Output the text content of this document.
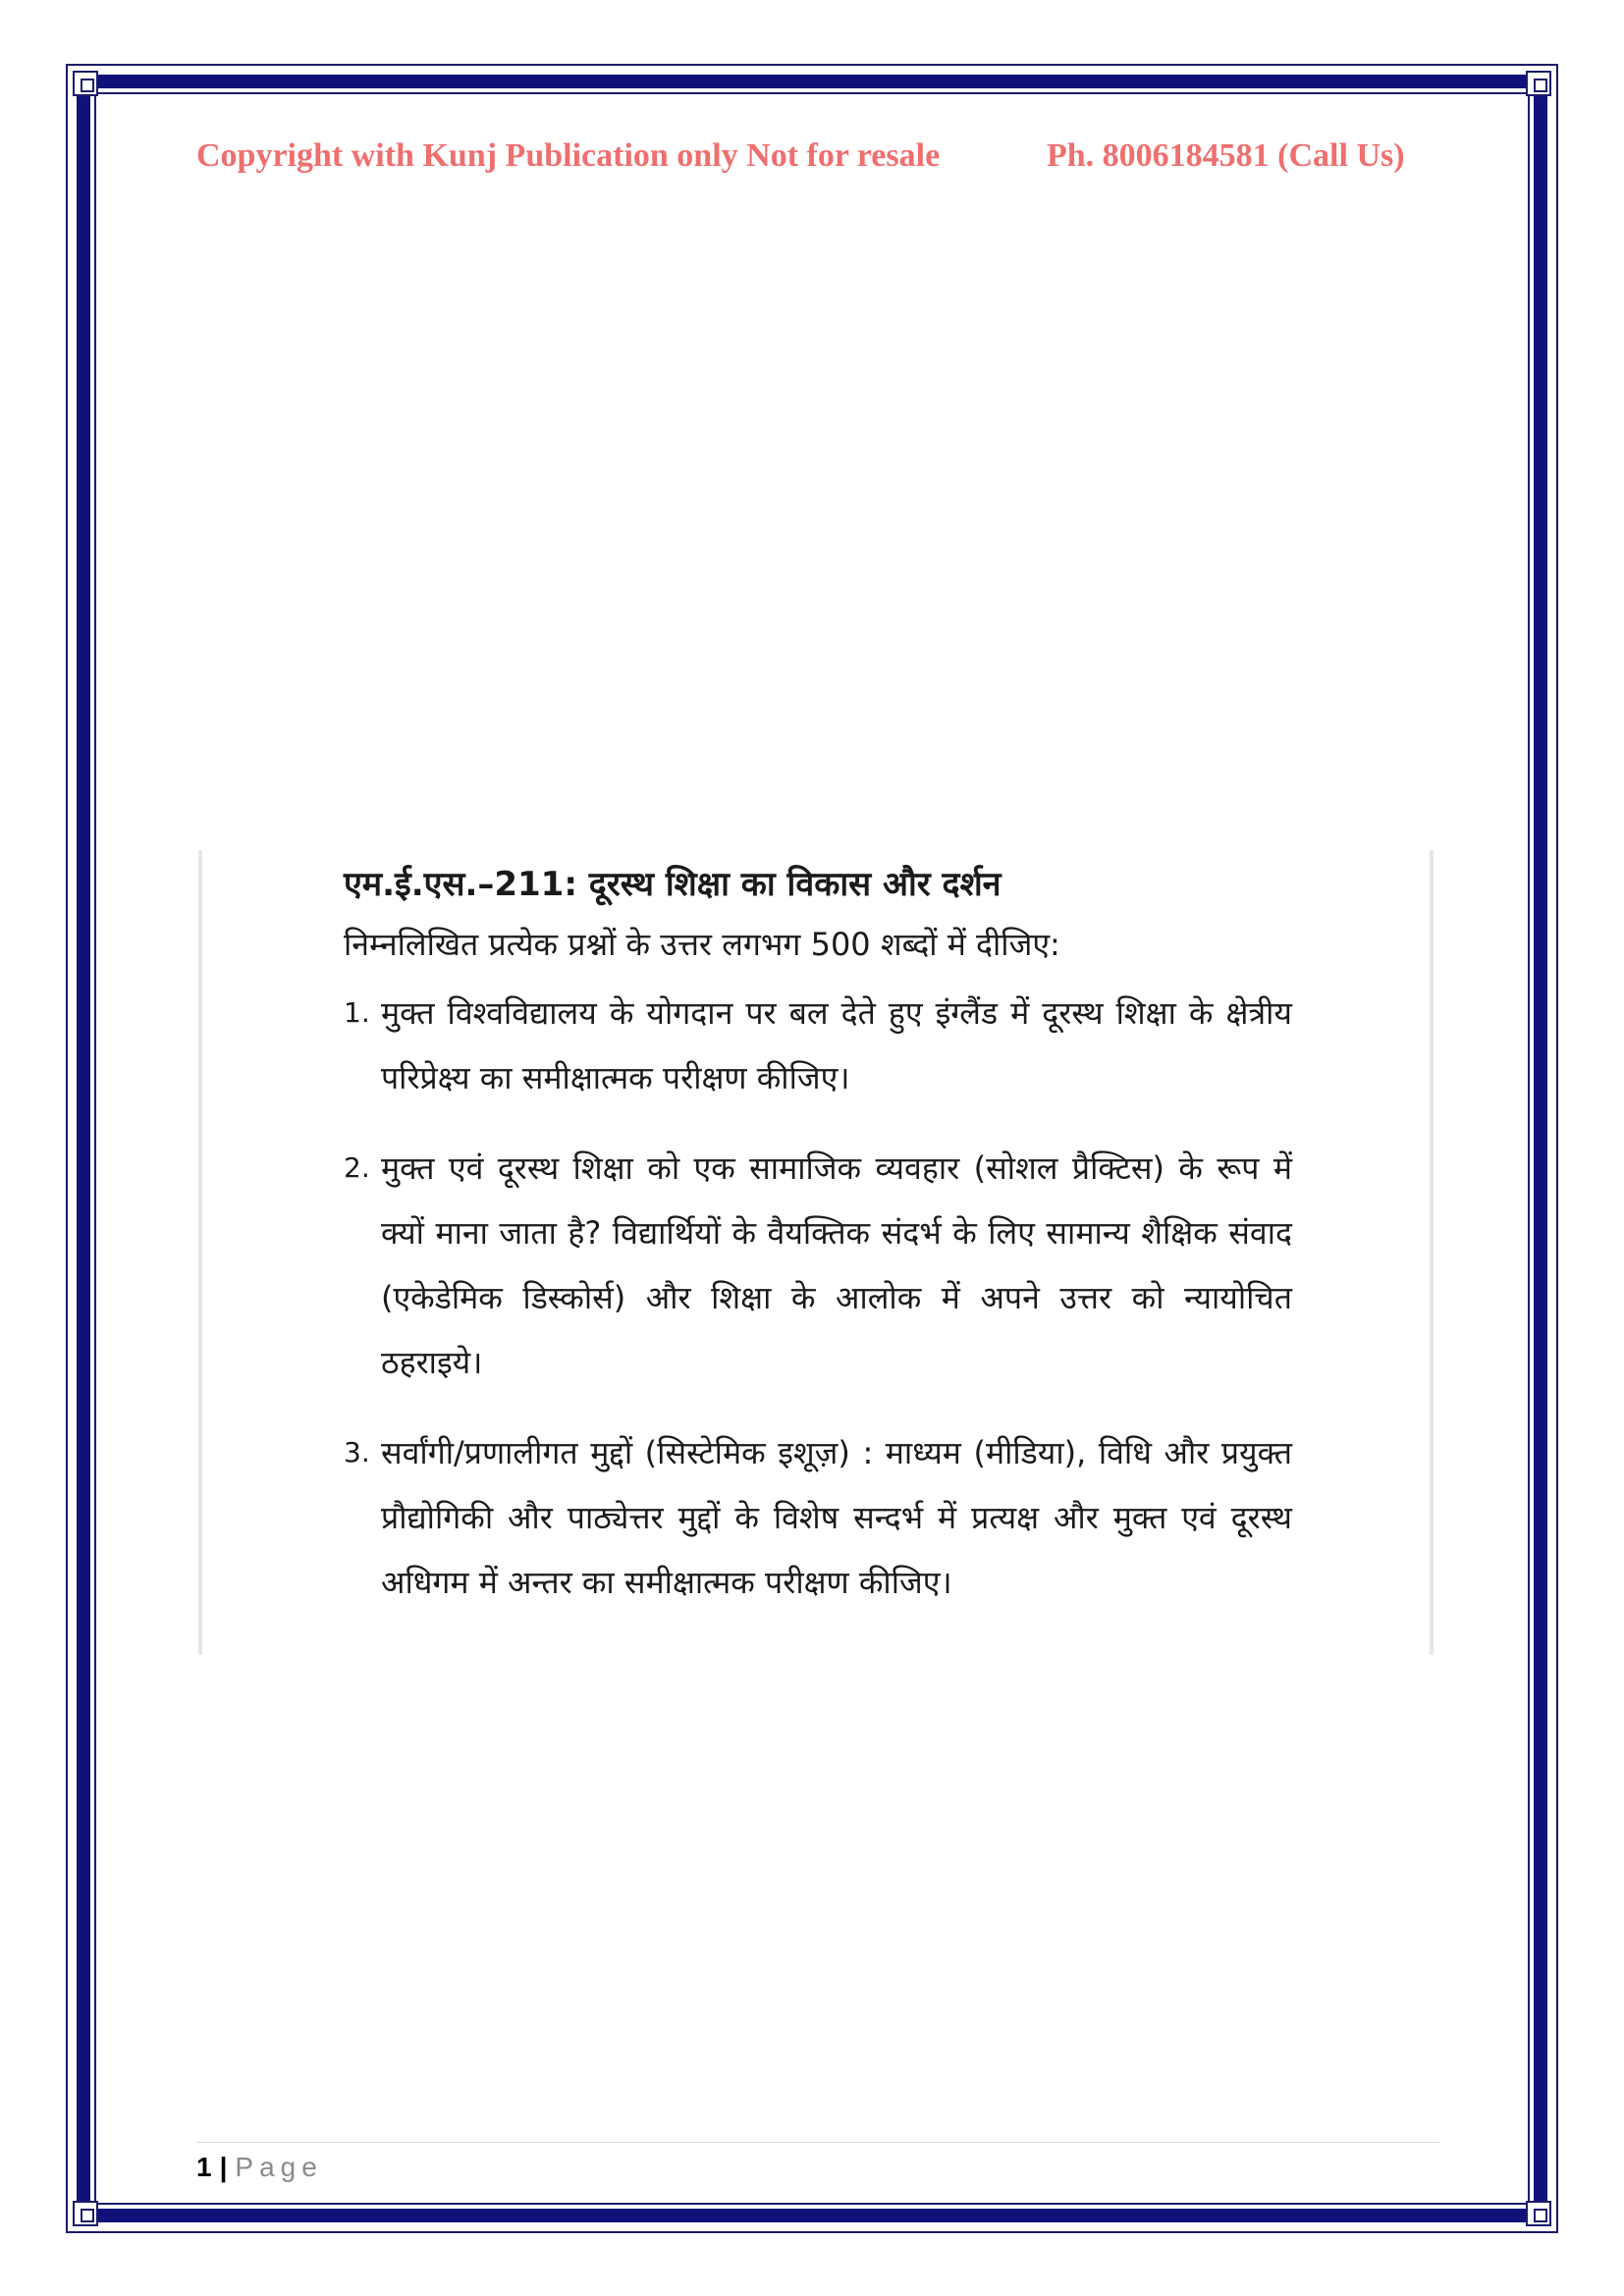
Copyright with Kunj Publication only Not for resale	Ph. 8006184581 (Call Us)
एम.ई.एस.–211: दूरस्थ शिक्षा का विकास और दर्शन
निम्नलिखित प्रत्येक प्रश्नों के उत्तर लगभग 500 शब्दों में दीजिए:
1. मुक्त विश्वविद्यालय के योगदान पर बल देते हुए इंग्लैंड में दूरस्थ शिक्षा के क्षेत्रीय परिप्रेक्ष्य का समीक्षात्मक परीक्षण कीजिए।
2. मुक्त एवं दूरस्थ शिक्षा को एक सामाजिक व्यवहार (सोशल प्रैक्टिस) के रूप में क्यों माना जाता है? विद्यार्थियों के वैयक्तिक संदर्भ के लिए सामान्य शैक्षिक संवाद (एकेडेमिक डिस्कोर्स) और शिक्षा के आलोक में अपने उत्तर को न्यायोचित ठहराइये।
3. सर्वांगी/प्रणालीगत मुद्दों (सिस्टेमिक इशूज़) : माध्यम (मीडिया), विधि और प्रयुक्त प्रौद्योगिकी और पाठ्येत्तर मुद्दों के विशेष सन्दर्भ में प्रत्यक्ष और मुक्त एवं दूरस्थ अधिगम में अन्तर का समीक्षात्मक परीक्षण कीजिए।
1 | Page
